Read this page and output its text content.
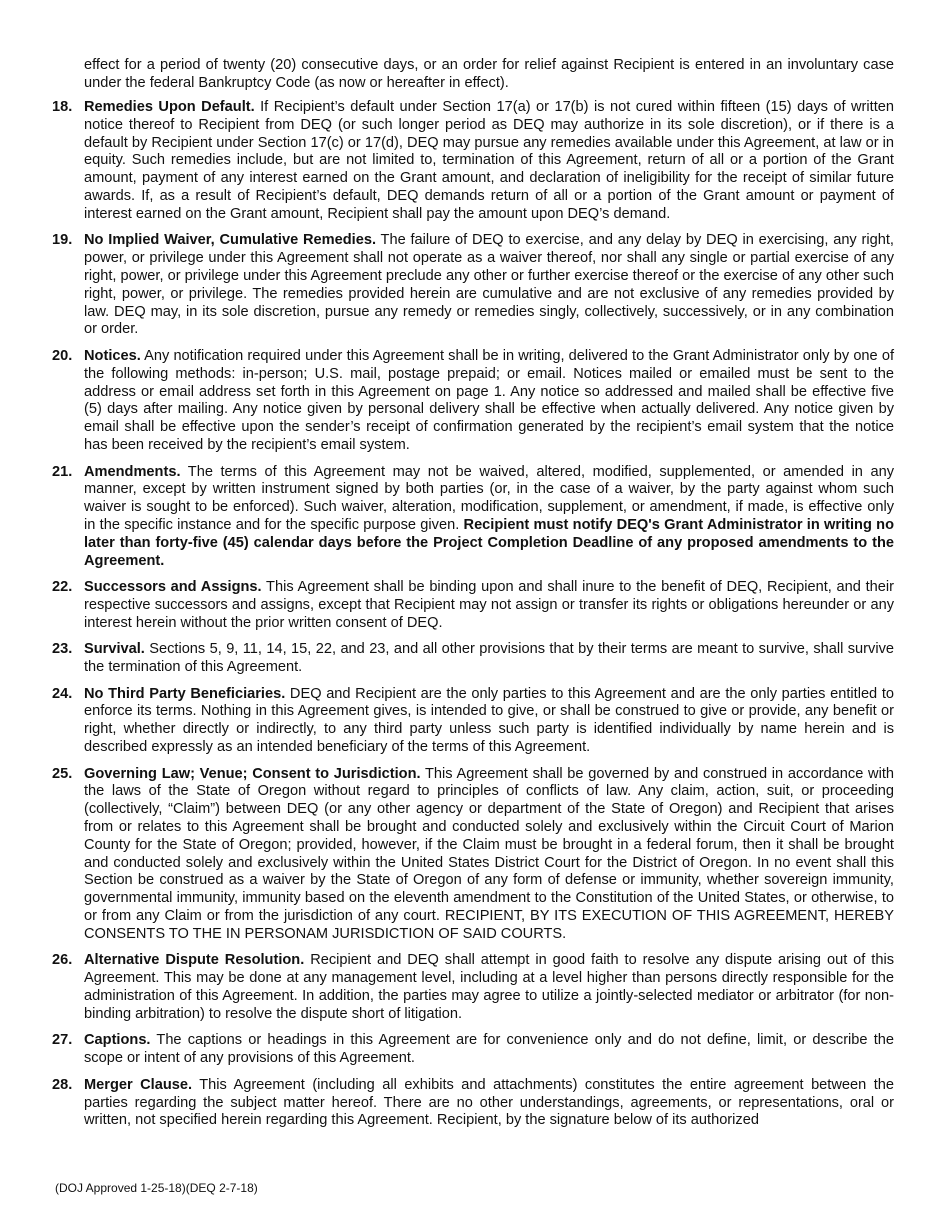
effect for a period of twenty (20) consecutive days, or an order for relief against Recipient is entered in an involuntary case under the federal Bankruptcy Code (as now or hereafter in effect).
18. Remedies Upon Default. If Recipient’s default under Section 17(a) or 17(b) is not cured within fifteen (15) days of written notice thereof to Recipient from DEQ (or such longer period as DEQ may authorize in its sole discretion), or if there is a default by Recipient under Section 17(c) or 17(d), DEQ may pursue any remedies available under this Agreement, at law or in equity. Such remedies include, but are not limited to, termination of this Agreement, return of all or a portion of the Grant amount, payment of any interest earned on the Grant amount, and declaration of ineligibility for the receipt of similar future awards. If, as a result of Recipient’s default, DEQ demands return of all or a portion of the Grant amount or payment of interest earned on the Grant amount, Recipient shall pay the amount upon DEQ’s demand.
19. No Implied Waiver, Cumulative Remedies. The failure of DEQ to exercise, and any delay by DEQ in exercising, any right, power, or privilege under this Agreement shall not operate as a waiver thereof, nor shall any single or partial exercise of any right, power, or privilege under this Agreement preclude any other or further exercise thereof or the exercise of any other such right, power, or privilege. The remedies provided herein are cumulative and are not exclusive of any remedies provided by law. DEQ may, in its sole discretion, pursue any remedy or remedies singly, collectively, successively, or in any combination or order.
20. Notices. Any notification required under this Agreement shall be in writing, delivered to the Grant Administrator only by one of the following methods: in-person; U.S. mail, postage prepaid; or email. Notices mailed or emailed must be sent to the address or email address set forth in this Agreement on page 1. Any notice so addressed and mailed shall be effective five (5) days after mailing. Any notice given by personal delivery shall be effective when actually delivered. Any notice given by email shall be effective upon the sender’s receipt of confirmation generated by the recipient’s email system that the notice has been received by the recipient’s email system.
21. Amendments. The terms of this Agreement may not be waived, altered, modified, supplemented, or amended in any manner, except by written instrument signed by both parties (or, in the case of a waiver, by the party against whom such waiver is sought to be enforced). Such waiver, alteration, modification, supplement, or amendment, if made, is effective only in the specific instance and for the specific purpose given. Recipient must notify DEQ's Grant Administrator in writing no later than forty-five (45) calendar days before the Project Completion Deadline of any proposed amendments to the Agreement.
22. Successors and Assigns. This Agreement shall be binding upon and shall inure to the benefit of DEQ, Recipient, and their respective successors and assigns, except that Recipient may not assign or transfer its rights or obligations hereunder or any interest herein without the prior written consent of DEQ.
23. Survival. Sections 5, 9, 11, 14, 15, 22, and 23, and all other provisions that by their terms are meant to survive, shall survive the termination of this Agreement.
24. No Third Party Beneficiaries. DEQ and Recipient are the only parties to this Agreement and are the only parties entitled to enforce its terms. Nothing in this Agreement gives, is intended to give, or shall be construed to give or provide, any benefit or right, whether directly or indirectly, to any third party unless such party is identified individually by name herein and is described expressly as an intended beneficiary of the terms of this Agreement.
25. Governing Law; Venue; Consent to Jurisdiction. This Agreement shall be governed by and construed in accordance with the laws of the State of Oregon without regard to principles of conflicts of law. Any claim, action, suit, or proceeding (collectively, “Claim”) between DEQ (or any other agency or department of the State of Oregon) and Recipient that arises from or relates to this Agreement shall be brought and conducted solely and exclusively within the Circuit Court of Marion County for the State of Oregon; provided, however, if the Claim must be brought in a federal forum, then it shall be brought and conducted solely and exclusively within the United States District Court for the District of Oregon. In no event shall this Section be construed as a waiver by the State of Oregon of any form of defense or immunity, whether sovereign immunity, governmental immunity, immunity based on the eleventh amendment to the Constitution of the United States, or otherwise, to or from any Claim or from the jurisdiction of any court. RECIPIENT, BY ITS EXECUTION OF THIS AGREEMENT, HEREBY CONSENTS TO THE IN PERSONAM JURISDICTION OF SAID COURTS.
26. Alternative Dispute Resolution. Recipient and DEQ shall attempt in good faith to resolve any dispute arising out of this Agreement. This may be done at any management level, including at a level higher than persons directly responsible for the administration of this Agreement. In addition, the parties may agree to utilize a jointly-selected mediator or arbitrator (for non-binding arbitration) to resolve the dispute short of litigation.
27. Captions. The captions or headings in this Agreement are for convenience only and do not define, limit, or describe the scope or intent of any provisions of this Agreement.
28. Merger Clause. This Agreement (including all exhibits and attachments) constitutes the entire agreement between the parties regarding the subject matter hereof. There are no other understandings, agreements, or representations, oral or written, not specified herein regarding this Agreement. Recipient, by the signature below of its authorized
(DOJ Approved 1-25-18)(DEQ 2-7-18)
